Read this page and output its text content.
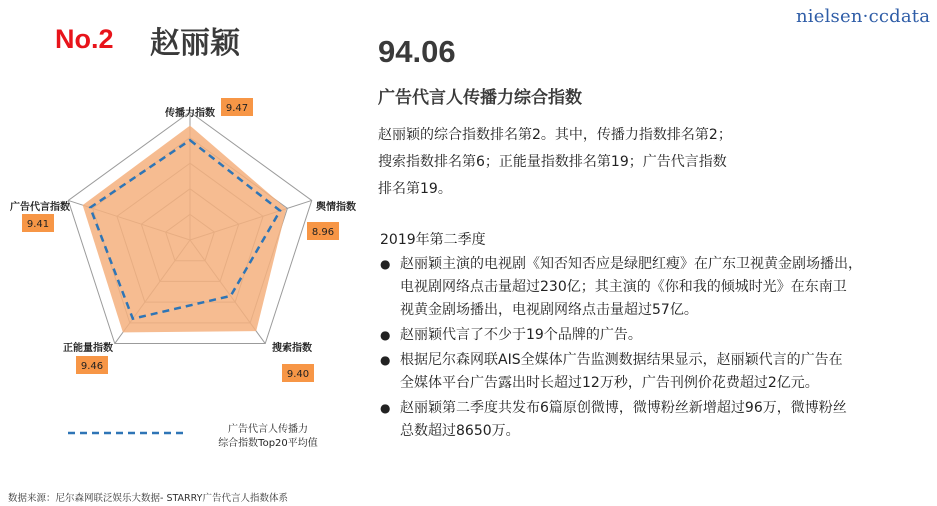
No.2 赵丽颖
nielsen·ccdata
传播力指数 9.47
舆情指数
8.96
搜索指数
9.40
正能量指数
9.46
广告代言指数
9.41
广告代言人传播力
综合指数Top20平均值
94.06
广告代言人传播力综合指数
赵丽颖的综合指数排名第2。其中，传播力指数排名第2；
搜索指数排名第6；正能量指数排名第19；广告代言指数
排名第19。
2019年第二季度
● 赵丽颖主演的电视剧《知否知否应是绿肥红瘦》在广东卫视黄金剧场播出，
电视剧网络点击量超过230亿；其主演的《你和我的倾城时光》在东南卫
视黄金剧场播出，电视剧网络点击量超过57亿。
● 赵丽颖代言了不少于19个品牌的广告。
● 根据尼尔森网联AIS全媒体广告监测数据结果显示，赵丽颖代言的广告在
全媒体平台广告露出时长超过12万秒，广告刊例价花费超过2亿元。
● 赵丽颖第二季度共发布6篇原创微博，微博粉丝新增超过96万，微博粉丝
总数超过8650万。
数据来源：尼尔森网联泛娱乐大数据- STARRY广告代言人指数体系
